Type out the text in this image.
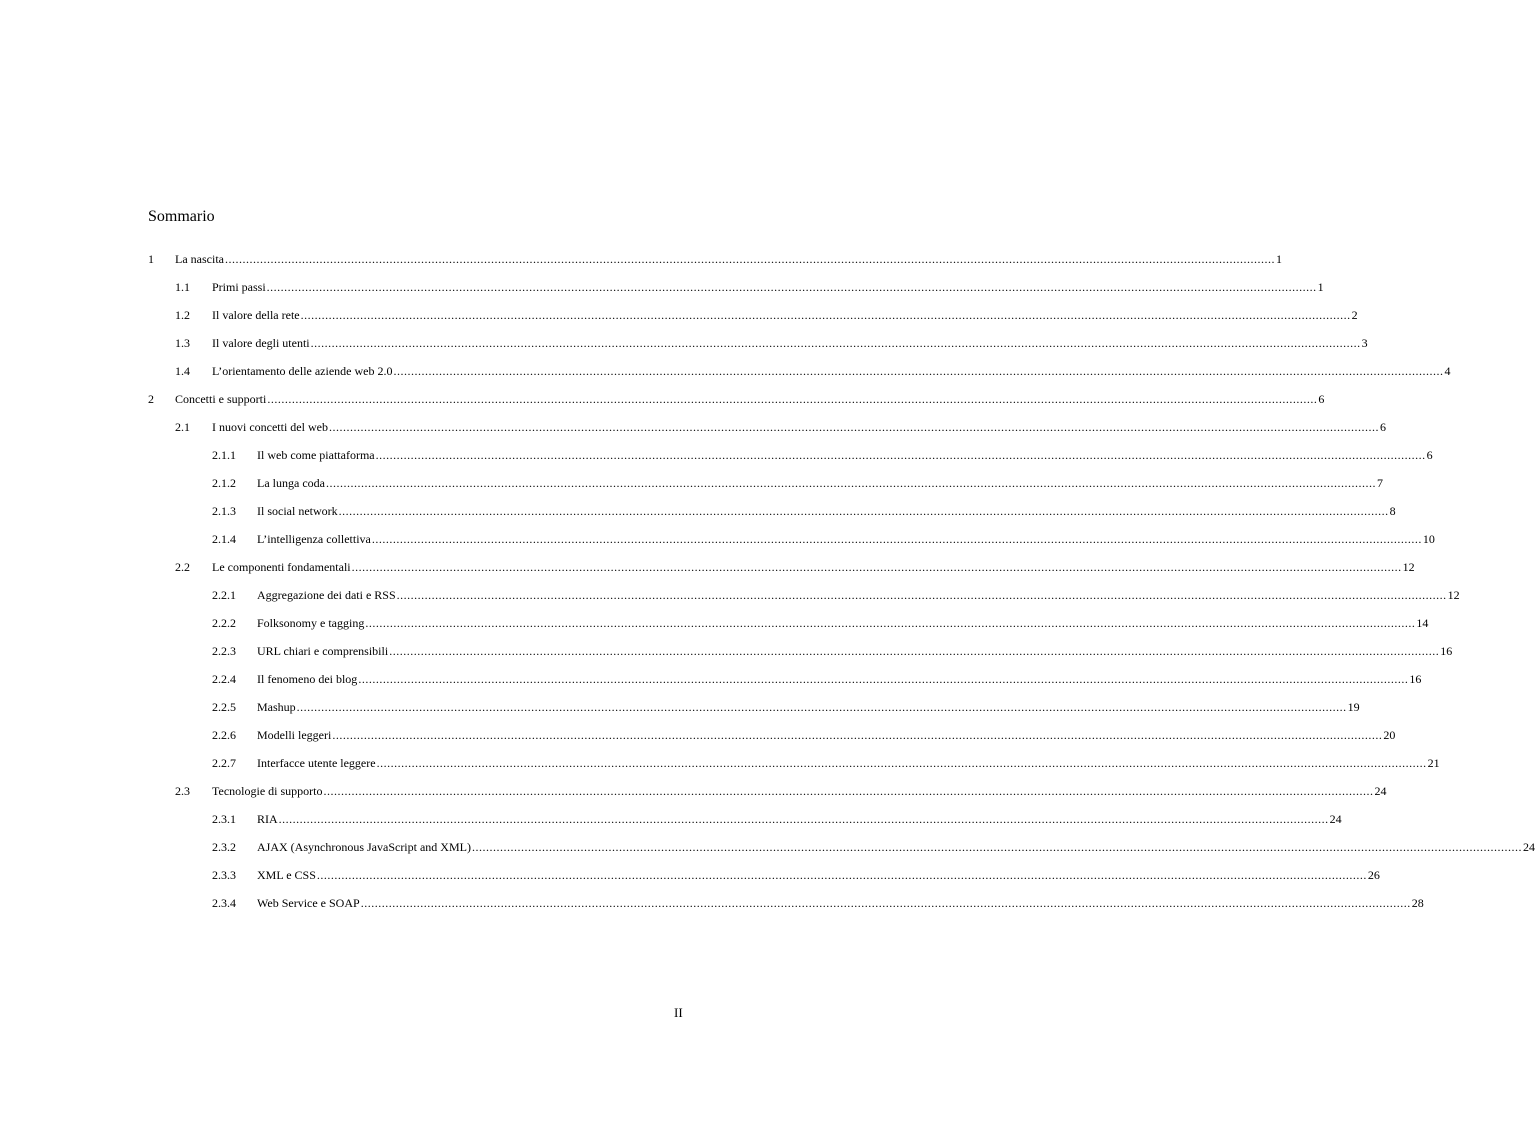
Sommario
1 La nascita ............................................................................................................................................................................................................................................................................................................ 1
1.1 Primi passi ............................................................................................................................................................................................................................................................................................................ 1
1.2 Il valore della rete ............................................................................................................................................................................................................................................................................................................ 2
1.3 Il valore degli utenti ............................................................................................................................................................................................................................................................................................................ 3
1.4 L’orientamento delle aziende web 2.0 ............................................................................................................................................................................................................................................................................................................ 4
2 Concetti e supporti ............................................................................................................................................................................................................................................................................................................ 6
2.1 I nuovi concetti del web ............................................................................................................................................................................................................................................................................................................ 6
2.1.1 Il web come piattaforma ............................................................................................................................................................................................................................................................................................................ 6
2.1.2 La lunga coda ............................................................................................................................................................................................................................................................................................................ 7
2.1.3 Il social network ............................................................................................................................................................................................................................................................................................................ 8
2.1.4 L’intelligenza collettiva ............................................................................................................................................................................................................................................................................................................ 10
2.2 Le componenti fondamentali ............................................................................................................................................................................................................................................................................................................ 12
2.2.1 Aggregazione dei dati e RSS ............................................................................................................................................................................................................................................................................................................ 12
2.2.2 Folksonomy e tagging ............................................................................................................................................................................................................................................................................................................ 14
2.2.3 URL chiari e comprensibili ............................................................................................................................................................................................................................................................................................................ 16
2.2.4 Il fenomeno dei blog ............................................................................................................................................................................................................................................................................................................ 16
2.2.5 Mashup ............................................................................................................................................................................................................................................................................................................ 19
2.2.6 Modelli leggeri ............................................................................................................................................................................................................................................................................................................ 20
2.2.7 Interfacce utente leggere ............................................................................................................................................................................................................................................................................................................ 21
2.3 Tecnologie di supporto ............................................................................................................................................................................................................................................................................................................ 24
2.3.1 RIA ............................................................................................................................................................................................................................................................................................................ 24
2.3.2 AJAX (Asynchronous JavaScript and XML) ............................................................................................................................................................................................................................................................................................................ 24
2.3.3 XML e CSS ............................................................................................................................................................................................................................................................................................................ 26
2.3.4 Web Service e SOAP ............................................................................................................................................................................................................................................................................................................ 28
II
